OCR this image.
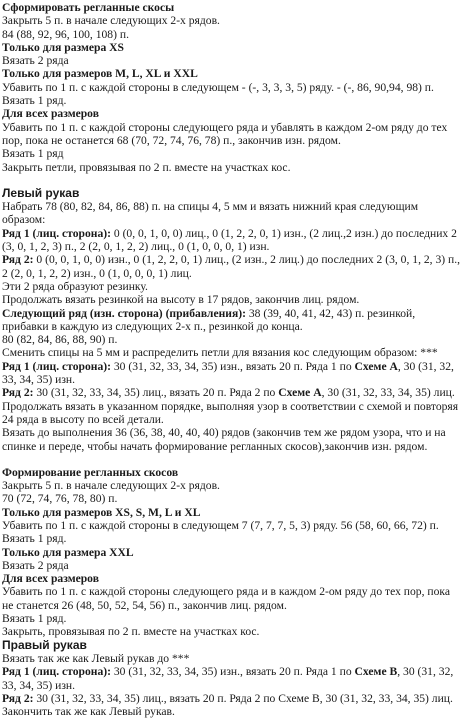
Сформировать регланные скосы

Закрыть 5 п. в начале следующих 2-х рядов.

84 (88, 92, 96, 100, 108) п.

Только для размера XS

Вязать 2 ряда

Только для размеров M, L, XL и XXL

Убавить по 1 п. с каждой стороны в следующем - (-, 3, 3, 3, 5) ряду. - (-, 86, 90,94, 98) п.

Вязать 1 ряд.

Для всех размеров

Убавить по 1 п. с каждой стороны следующего ряда и убавлять в каждом 2-ом ряду до тех пор, пока не останется 68 (70, 72, 74, 76, 78) п., закончив изн. рядом.

Вязать 1 ряд

Закрыть петли, провязывая по 2 п. вместе на участках кос.

Левый рукав

Набрать 78 (80, 82, 84, 86, 88) п. на спицы 4, 5 мм и вязать нижний края следующим образом:

Ряд 1 (лиц. сторона): 0 (0, 0, 1, 0, 0) лиц., 0 (1, 2, 2, 0, 1) изн., (2 лиц.,2 изн.) до последних 2 (3, 0, 1, 2, 3) п., 2 (2, 0, 1, 2, 2) лиц., 0 (1, 0, 0, 0, 1) изн.

Ряд 2: 0 (0, 0, 1, 0, 0) изн., 0 (1, 2, 2, 0, 1) лиц., (2 изн., 2 лиц.) до последних 2 (3, 0, 1, 2, 3) п., 2 (2, 0, 1, 2, 2) изн., 0 (1, 0, 0, 0, 1) лиц.

Эти 2 ряда образуют резинку.

Продолжать вязать резинкой на высоту в 17 рядов, закончив лиц. рядом.

Следующий ряд (изн. сторона) (прибавления): 38 (39, 40, 41, 42, 43) п. резинкой, прибавки в каждую из следующих 2-х п., резинкой до конца.

80 (82, 84, 86, 88, 90) п.

Сменить спицы на 5 мм и распределить петли для вязания кос следующим образом: ***

Ряд 1 (лиц. сторона): 30 (31, 32, 33, 34, 35) изн., вязать 20 п. Ряда 1 по Схеме А, 30 (31, 32, 33, 34, 35) изн.

Ряд 2: 30 (31, 32, 33, 34, 35) лиц., вязать 20 п. Ряда 2 по Схеме А, 30 (31, 32, 33, 34, 35) лиц.

Продолжать вязать в указанном порядке, выполняя узор в соответствии с схемой и повторяя 24 ряда в высоту по всей детали.

Вязать до выполнения 36 (36, 38, 40, 40, 40) рядов (закончив тем же рядом узора, что и на спинке и переде, чтобы начать формирование регланных скосов),закончив изн. рядом.

Формирование регланных скосов

Закрыть 5 п. в начале следующих 2-х рядов.

70 (72, 74, 76, 78, 80) п.

Только для размеров XS, S, M, L и XL

Убавить по 1 п. с каждой стороны в следующем 7 (7, 7, 7, 5, 3) ряду. 56 (58, 60, 66, 72) п.

Вязать 1 ряд.

Только для размера XXL

Вязать 2 ряда

Для всех размеров

Убавить по 1 п. с каждой стороны следующего ряда и в каждом 2-ом ряду до тех пор, пока не станется 26 (48, 50, 52, 54, 56) п., закончив лиц. рядом.

Вязать 1 ряд.

Закрыть, провязывая по 2 п. вместе на участках кос.

Правый рукав

Вязать так же как Левый рукав до ***

Ряд 1 (лиц. сторона): 30 (31, 32, 33, 34, 35) изн., вязать 20 п. Ряда 1 по Схеме В, 30 (31, 32, 33, 34, 35) изн.

Ряд 2: 30 (31, 32, 33, 34, 35) лиц., вязать 20 п. Ряда 2 по Схеме В, 30 (31, 32, 33, 34, 35) лиц.

Закончить так же как Левый рукав.
